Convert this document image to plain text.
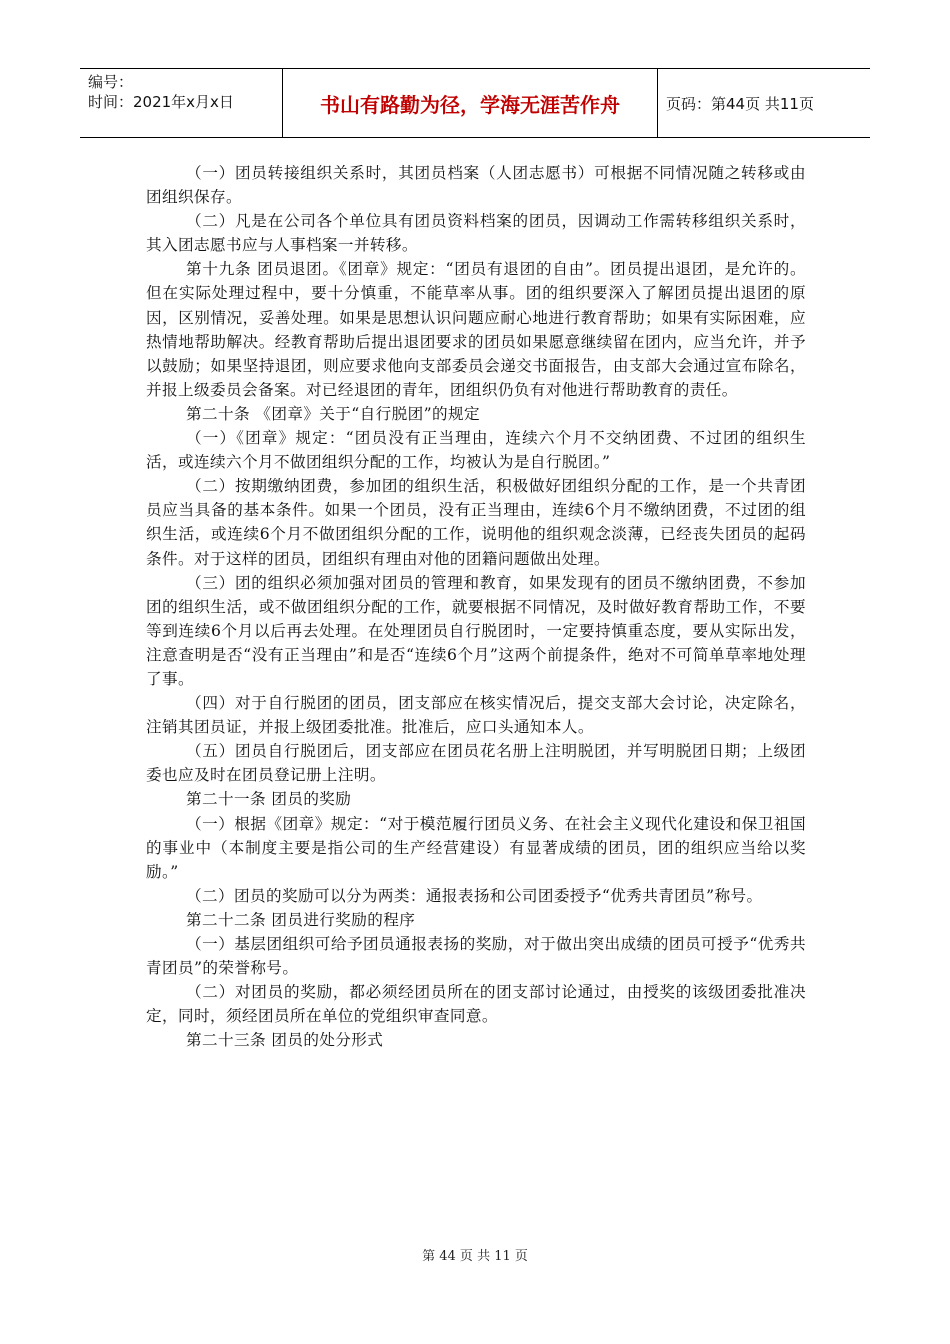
编号：
时间：2021年x月x日	书山有路勤为径，学海无涯苦作舟	页码：第44页 共11页

（一）团员转接组织关系时，其团员档案（人团志愿书）可根据不同情况随之转移或由团组织保存。

（二）凡是在公司各个单位具有团员资料档案的团员，因调动工作需转移组织关系时，其入团志愿书应与人事档案一并转移。

第十九条 团员退团。《团章》规定：“团员有退团的自由”。团员提出退团，是允许的。但在实际处理过程中，要十分慎重，不能草率从事。团的组织要深入了解团员提出退团的原因，区别情况，妥善处理。如果是思想认识问题应耐心地进行教育帮助；如果有实际困难，应热情地帮助解决。经教育帮助后提出退团要求的团员如果愿意继续留在团内，应当允许，并予以鼓励；如果坚持退团，则应要求他向支部委员会递交书面报告，由支部大会通过宣布除名，并报上级委员会备案。对已经退团的青年，团组织仍负有对他进行帮助教育的责任。

第二十条 《团章》关于“自行脱团”的规定

（一）《团章》规定：“团员没有正当理由，连续六个月不交纳团费、不过团的组织生活，或连续六个月不做团组织分配的工作，均被认为是自行脱团。”

（二）按期缴纳团费，参加团的组织生活，积极做好团组织分配的工作，是一个共青团员应当具备的基本条件。如果一个团员，没有正当理由，连续6个月不缴纳团费，不过团的组织生活，或连续6个月不做团组织分配的工作，说明他的组织观念淡薄，已经丧失团员的起码条件。对于这样的团员，团组织有理由对他的团籍问题做出处理。

（三）团的组织必须加强对团员的管理和教育，如果发现有的团员不缴纳团费，不参加团的组织生活，或不做团组织分配的工作，就要根据不同情况，及时做好教育帮助工作，不要等到连续6个月以后再去处理。在处理团员自行脱团时，一定要持慎重态度，要从实际出发，注意查明是否“没有正当理由”和是否“连续6个月”这两个前提条件，绝对不可简单草率地处理了事。

（四）对于自行脱团的团员，团支部应在核实情况后，提交支部大会讨论，决定除名，注销其团员证，并报上级团委批准。批准后，应口头通知本人。

（五）团员自行脱团后，团支部应在团员花名册上注明脱团，并写明脱团日期；上级团委也应及时在团员登记册上注明。

第二十一条 团员的奖励

（一）根据《团章》规定：“对于模范履行团员义务、在社会主义现代化建设和保卫祖国的事业中（本制度主要是指公司的生产经营建设）有显著成绩的团员，团的组织应当给以奖励。”

（二）团员的奖励可以分为两类：通报表扬和公司团委授予“优秀共青团员”称号。

第二十二条 团员进行奖励的程序

（一）基层团组织可给予团员通报表扬的奖励，对于做出突出成绩的团员可授予“优秀共青团员”的荣誉称号。

（二）对团员的奖励，都必须经团员所在的团支部讨论通过，由授奖的该级团委批准决定，同时，须经团员所在单位的党组织审查同意。

第二十三条 团员的处分形式

第 44 页 共 11 页
